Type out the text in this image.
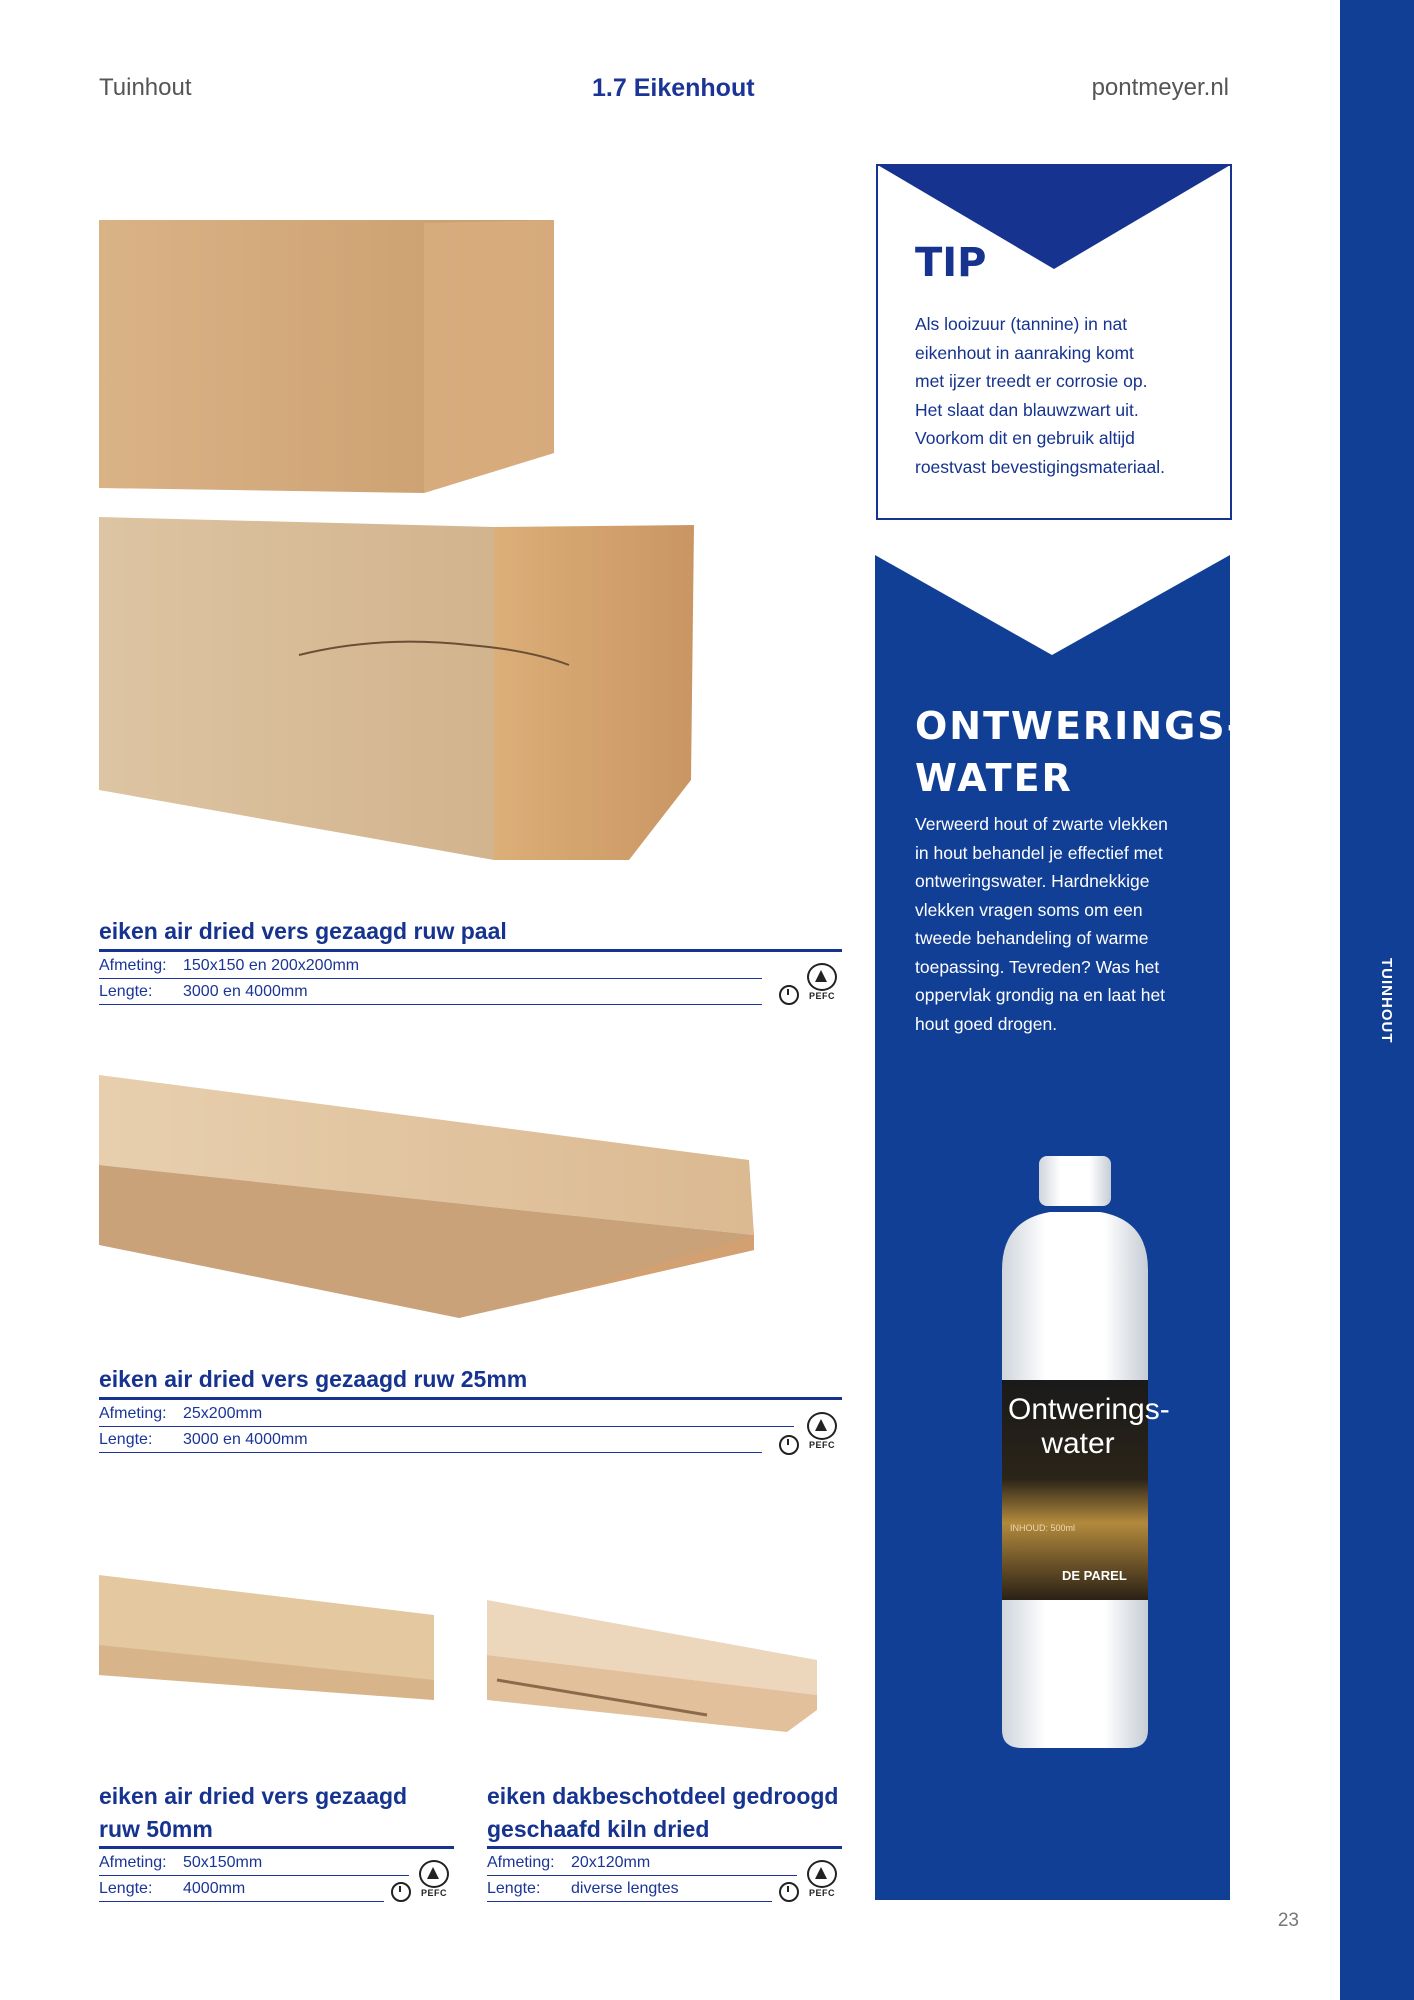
Tuinhout	1.7 Eikenhout	pontmeyer.nl
TUINHOUT
eiken air dried vers gezaagd ruw paal
Afmeting:	150x150 en 200x200mm
Lengte:	3000 en 4000mm	PEFC
eiken air dried vers gezaagd ruw 25mm
Afmeting:	25x200mm
Lengte:	3000 en 4000mm	PEFC
eiken air dried vers gezaagd
ruw 50mm
Afmeting:	50x150mm
Lengte:	4000mm	PEFC
eiken dakbeschotdeel gedroogd
geschaafd kiln dried
Afmeting:	20x120mm
Lengte:	diverse lengtes	PEFC
TIP
Als looizuur (tannine) in nat
eikenhout in aanraking komt
met ijzer treedt er corrosie op.
Het slaat dan blauwzwart uit.
Voorkom dit en gebruik altijd
roestvast bevestigingsmateriaal.
ONTWERINGS-
WATER
Verweerd hout of zwarte vlekken
in hout behandel je effectief met
ontweringswater. Hardnekkige
vlekken vragen soms om een
tweede behandeling of warme
toepassing. Tevreden? Was het
oppervlak grondig na en laat het
hout goed drogen.
Ontwerings-
water
INHOUD: 500ml
DE PAREL
23
